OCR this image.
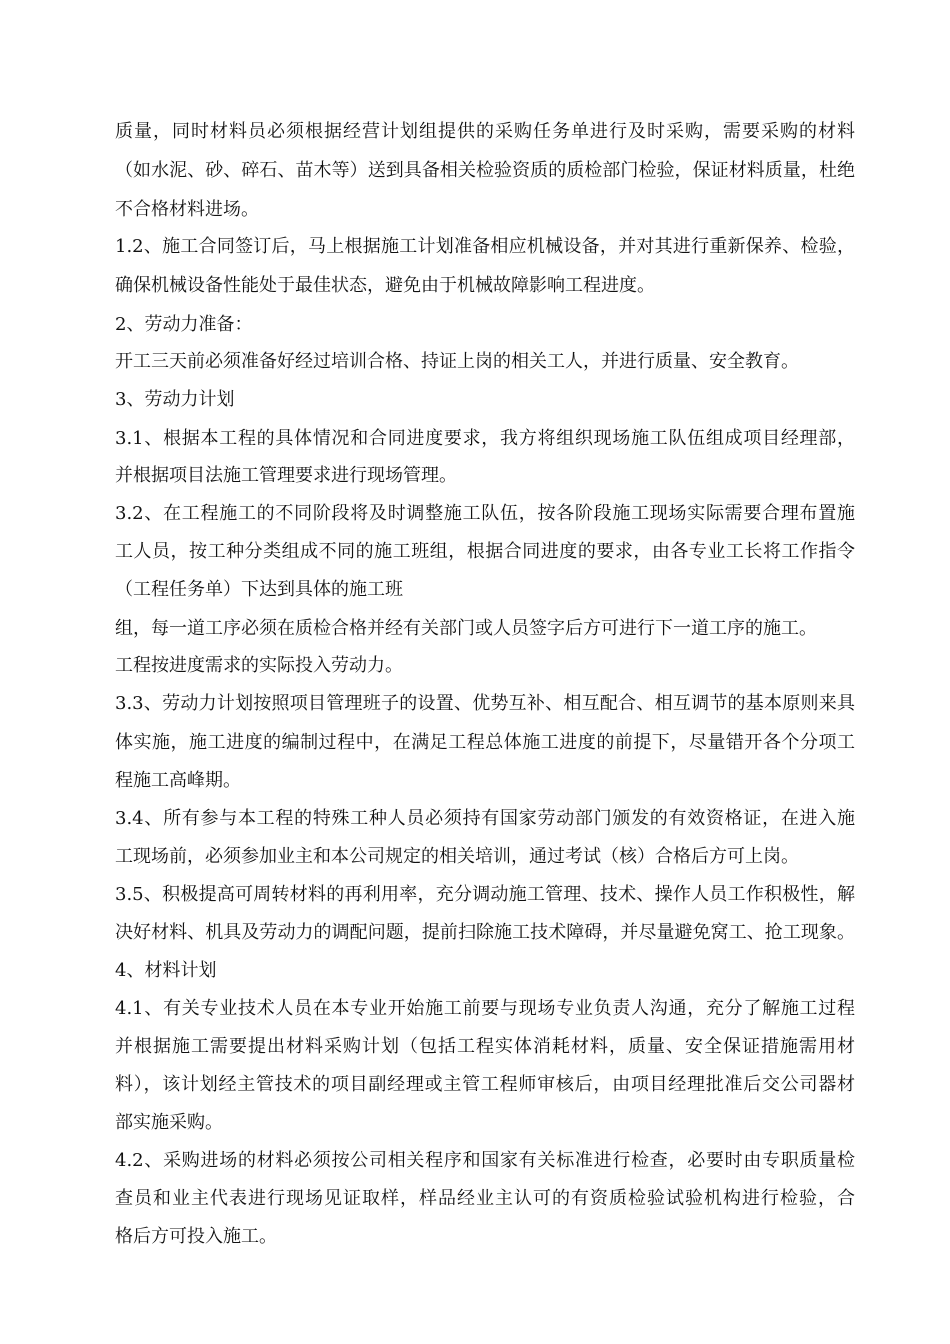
质量，同时材料员必须根据经营计划组提供的采购任务单进行及时采购，需要采购的材料
（如水泥、砂、碎石、苗木等）送到具备相关检验资质的质检部门检验，保证材料质量，杜绝
不合格材料进场。
1.2、施工合同签订后，马上根据施工计划准备相应机械设备，并对其进行重新保养、检验，
确保机械设备性能处于最佳状态，避免由于机械故障影响工程进度。
2、劳动力准备：
开工三天前必须准备好经过培训合格、持证上岗的相关工人，并进行质量、安全教育。
3、劳动力计划
3.1、根据本工程的具体情况和合同进度要求，我方将组织现场施工队伍组成项目经理部，
并根据项目法施工管理要求进行现场管理。
3.2、在工程施工的不同阶段将及时调整施工队伍，按各阶段施工现场实际需要合理布置施
工人员，按工种分类组成不同的施工班组，根据合同进度的要求，由各专业工长将工作指令
（工程任务单）下达到具体的施工班
组，每一道工序必须在质检合格并经有关部门或人员签字后方可进行下一道工序的施工。
工程按进度需求的实际投入劳动力。
3.3、劳动力计划按照项目管理班子的设置、优势互补、相互配合、相互调节的基本原则来具
体实施，施工进度的编制过程中，在满足工程总体施工进度的前提下，尽量错开各个分项工
程施工高峰期。
3.4、所有参与本工程的特殊工种人员必须持有国家劳动部门颁发的有效资格证，在进入施
工现场前，必须参加业主和本公司规定的相关培训，通过考试（核）合格后方可上岗。
3.5、积极提高可周转材料的再利用率，充分调动施工管理、技术、操作人员工作积极性，解
决好材料、机具及劳动力的调配问题，提前扫除施工技术障碍，并尽量避免窝工、抢工现象。
4、材料计划
4.1、有关专业技术人员在本专业开始施工前要与现场专业负责人沟通，充分了解施工过程
并根据施工需要提出材料采购计划（包括工程实体消耗材料，质量、安全保证措施需用材
料），该计划经主管技术的项目副经理或主管工程师审核后，由项目经理批准后交公司器材
部实施采购。
4.2、采购进场的材料必须按公司相关程序和国家有关标准进行检查，必要时由专职质量检
查员和业主代表进行现场见证取样，样品经业主认可的有资质检验试验机构进行检验，合
格后方可投入施工。
